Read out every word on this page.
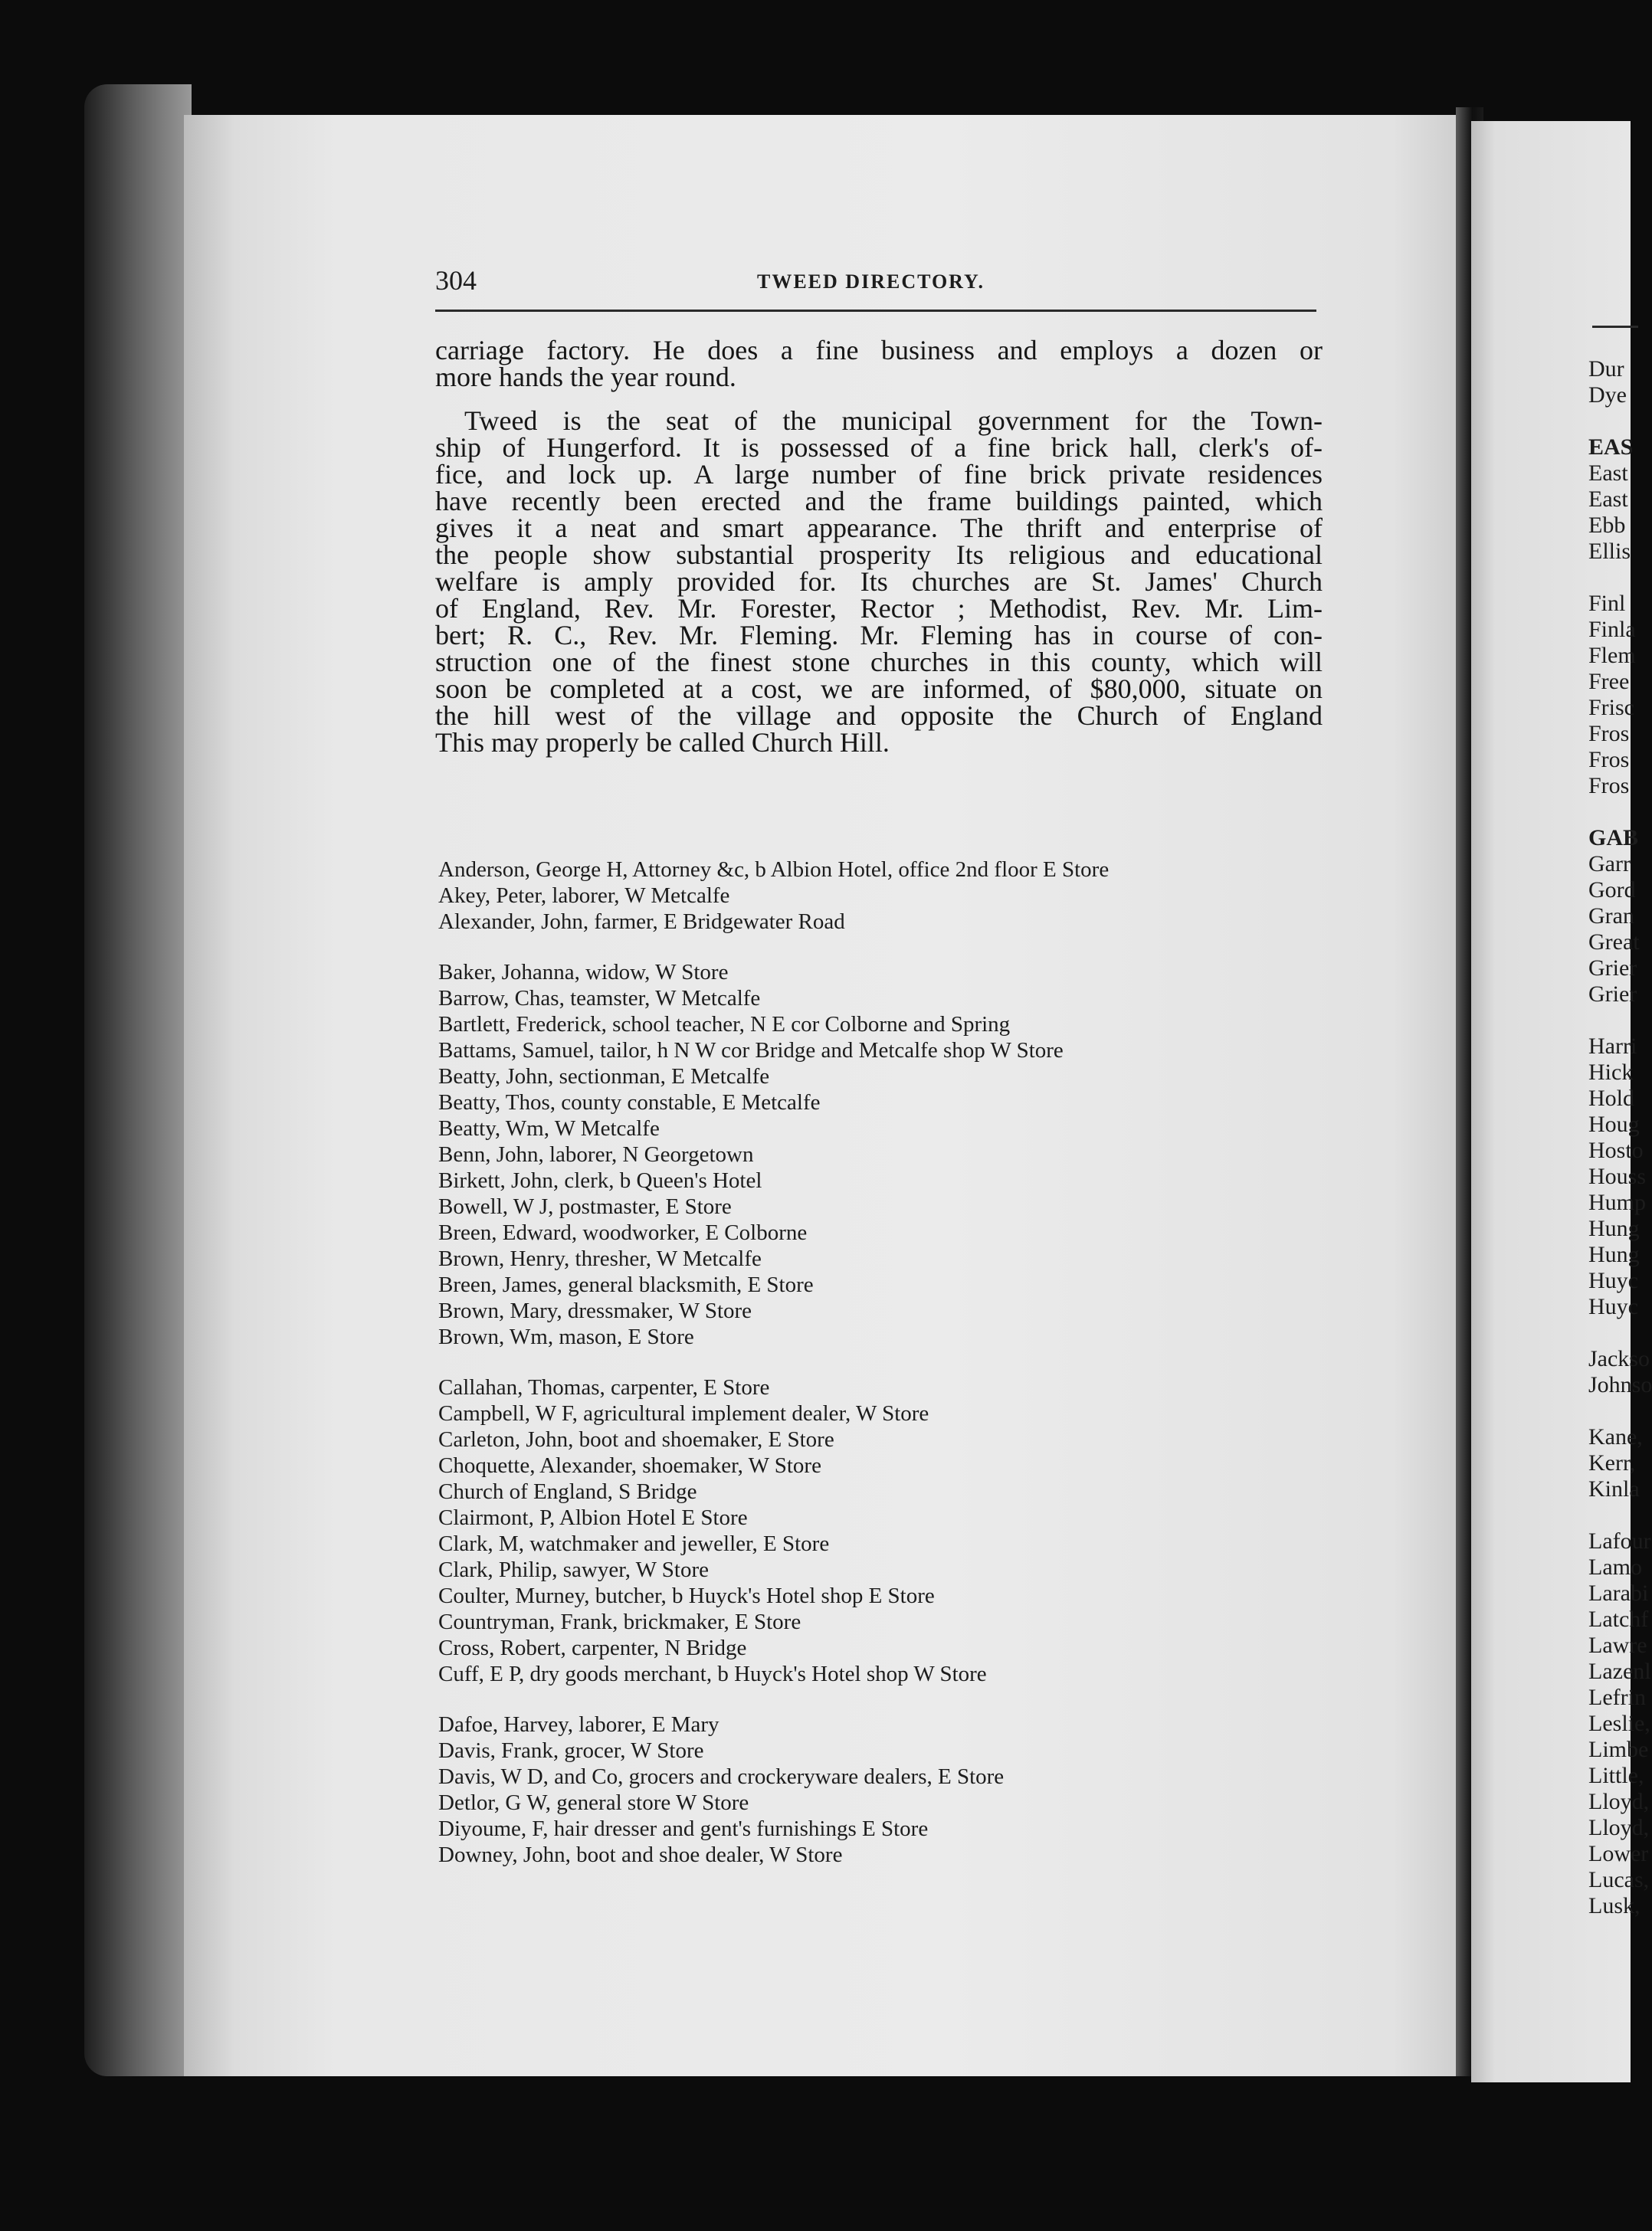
304	TWEED DIRECTORY.
carriage factory. He does a fine business and employs a dozen or
more hands the year round.
Tweed is the seat of the municipal government for the Town-
ship of Hungerford. It is possessed of a fine brick hall, clerk's of-
fice, and lock up. A large number of fine brick private residences
have recently been erected and the frame buildings painted, which
gives it a neat and smart appearance. The thrift and enterprise of
the people show substantial prosperity Its religious and educational
welfare is amply provided for. Its churches are St. James' Church
of England, Rev. Mr. Forester, Rector ; Methodist, Rev. Mr. Lim-
bert; R. C., Rev. Mr. Fleming. Mr. Fleming has in course of con-
struction one of the finest stone churches in this county, which will
soon be completed at a cost, we are informed, of $80,000, situate on
the hill west of the village and opposite the Church of England
This may properly be called Church Hill.
Anderson, George H, Attorney &c, b Albion Hotel, office 2nd floor E Store
Akey, Peter, laborer, W Metcalfe
Alexander, John, farmer, E Bridgewater Road
Baker, Johanna, widow, W Store
Barrow, Chas, teamster, W Metcalfe
Bartlett, Frederick, school teacher, N E cor Colborne and Spring
Battams, Samuel, tailor, h N W cor Bridge and Metcalfe shop W Store
Beatty, John, sectionman, E Metcalfe
Beatty, Thos, county constable, E Metcalfe
Beatty, Wm, W Metcalfe
Benn, John, laborer, N Georgetown
Birkett, John, clerk, b Queen's Hotel
Bowell, W J, postmaster, E Store
Breen, Edward, woodworker, E Colborne
Brown, Henry, thresher, W Metcalfe
Breen, James, general blacksmith, E Store
Brown, Mary, dressmaker, W Store
Brown, Wm, mason, E Store
Callahan, Thomas, carpenter, E Store
Campbell, W F, agricultural implement dealer, W Store
Carleton, John, boot and shoemaker, E Store
Choquette, Alexander, shoemaker, W Store
Church of England, S Bridge
Clairmont, P, Albion Hotel E Store
Clark, M, watchmaker and jeweller, E Store
Clark, Philip, sawyer, W Store
Coulter, Murney, butcher, b Huyck's Hotel shop E Store
Countryman, Frank, brickmaker, E Store
Cross, Robert, carpenter, N Bridge
Cuff, E P, dry goods merchant, b Huyck's Hotel shop W Store
Dafoe, Harvey, laborer, E Mary
Davis, Frank, grocer, W Store
Davis, W D, and Co, grocers and crockeryware dealers, E Store
Detlor, G W, general store W Store
Diyoume, F, hair dresser and gent's furnishings E Store
Downey, John, boot and shoe dealer, W Store
Dur
Dye
EAS
East
East
Ebb
Ellis
Finl
Finla
Flem
Free
Frisc
Fros
Fros
Fros
GAB
Garr
Gord
Gran
Great
Grier
Grier
Harri
Hick
Hold
Houg
Hosto
Houss
Hump
Hung
Hung
Huyc
Huyc
Jackso
Johnso
Kane,
Kerr,
Kinla
Lafour
Lamo
Larabi
Latchf
Lawre
Lazenl
Lefrin
Leslie,
Limbe
Little,
Lloyd,
Lloyd,
Lower
Lucas,
Lusk,
